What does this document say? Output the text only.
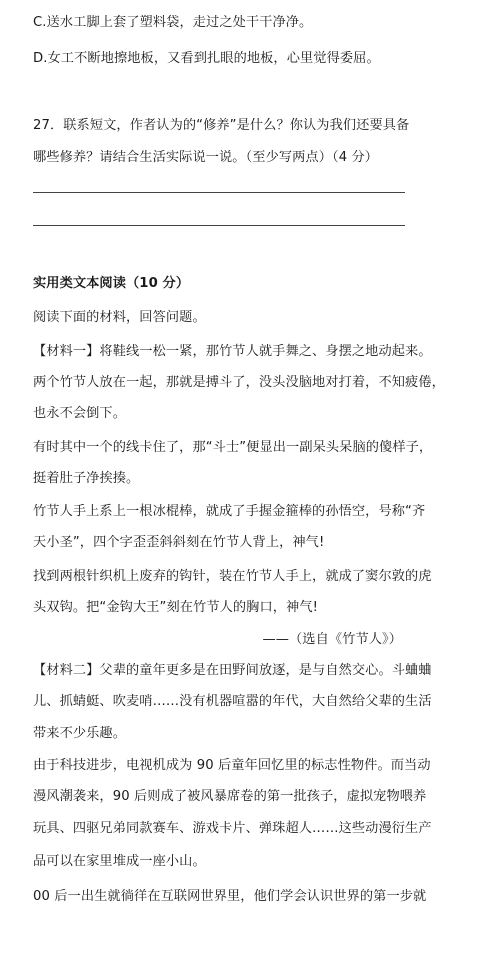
C.送水工脚上套了塑料袋，走过之处干干净净。
D.女工不断地擦地板，又看到扎眼的地板，心里觉得委屈。
27．联系短文，作者认为的“修养”是什么？你认为我们还要具备
哪些修养？请结合生活实际说一说。（至少写两点）（4 分）
实用类文本阅读（10 分）
阅读下面的材料，回答问题。
【材料一】将鞋线一松一紧，那竹节人就手舞之、身摆之地动起来。
两个竹节人放在一起，那就是搏斗了，没头没脑地对打着，不知疲倦，
也永不会倒下。
有时其中一个的线卡住了，那“斗士”便显出一副呆头呆脑的傻样子，
挺着肚子净挨揍。
竹节人手上系上一根冰棍棒，就成了手握金箍棒的孙悟空，号称“齐
天小圣”，四个字歪歪斜斜刻在竹节人背上，神气!
找到两根针织机上废弃的钩针，装在竹节人手上，就成了窦尔敦的虎
头双钩。把“金钩大王”刻在竹节人的胸口，神气!
——（选自《竹节人》）
【材料二】父辈的童年更多是在田野间放逐，是与自然交心。斗蛐蛐
儿、抓蜻蜓、吹麦哨……没有机器喧嚣的年代，大自然给父辈的生活
带来不少乐趣。
由于科技进步，电视机成为 90 后童年回忆里的标志性物件。而当动
漫风潮袭来，90 后则成了被风暴席卷的第一批孩子，虚拟宠物喂养
玩具、四驱兄弟同款赛车、游戏卡片、弹珠超人……这些动漫衍生产
品可以在家里堆成一座小山。
00 后一出生就徜徉在互联网世界里，他们学会认识世界的第一步就
